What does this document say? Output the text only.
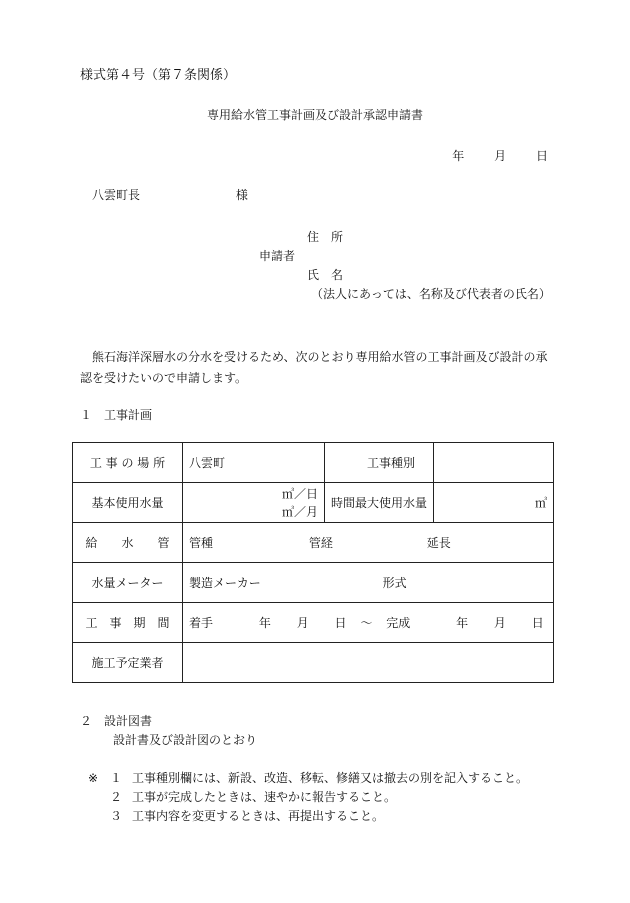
様式第４号（第７条関係）
専用給水管工事計画及び設計承認申請書
年 月 日
八雲町長	様
住　所
申請者
氏　名
（法人にあっては、名称及び代表者の氏名）
熊石海洋深層水の分水を受けるため、次のとおり専用給水管の工事計画及び設計の承認を受けたいので申請します。
１　工事計画
工 事 の 場 所	八雲町	工事種別	
基本使用水量	㎥／日
㎥／月	時間最大使用水量	㎥
給　　水　　管	管種 管経 延長		
水量メーター	製造メーカー 形式		
工　事　期　間	着手 年 月 日 ～ 完成 年 月 日		
施工予定業者			
２　設計図書
設計書及び設計図のとおり
※ １ 工事種別欄には、新設、改造、移転、修繕又は撤去の別を記入すること。
２ 工事が完成したときは、速やかに報告すること。
３ 工事内容を変更するときは、再提出すること。
